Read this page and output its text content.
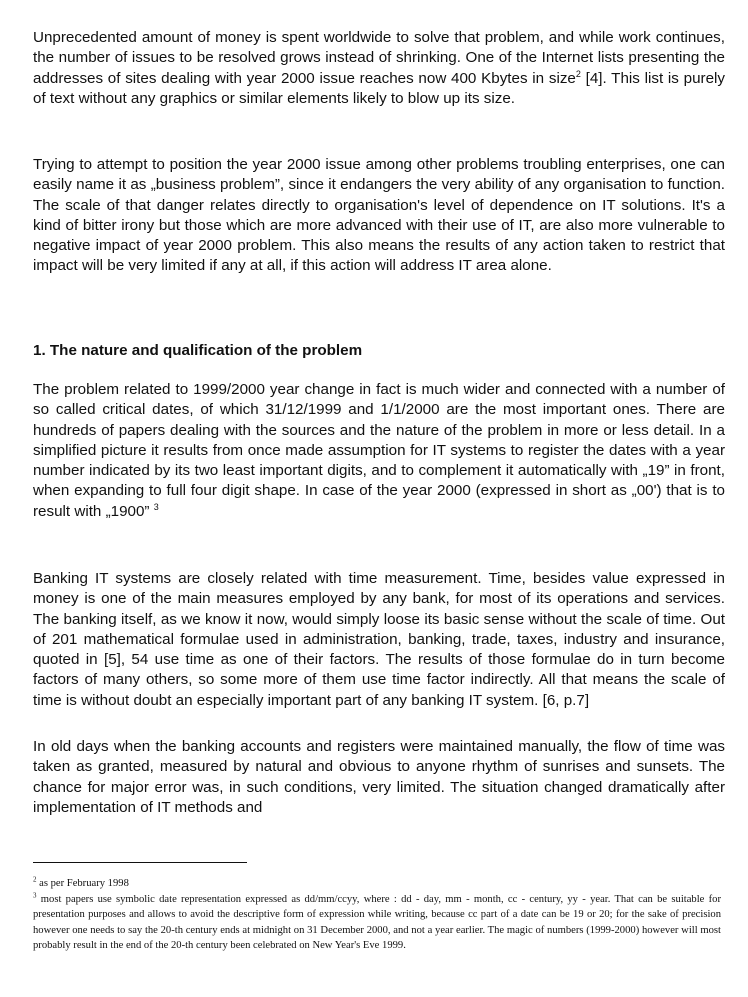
Unprecedented amount of money is spent worldwide to solve that problem, and while work continues, the number of issues to be resolved grows instead of shrinking. One of the Internet lists presenting the addresses of sites dealing with year 2000 issue reaches now 400 Kbytes in size$^2$ [4]. This list is purely of text without any graphics or similar elements likely to blow up its size.

Trying to attempt to position the year 2000 issue among other problems troubling enterprises, one can easily name it as „business problem”, since it endangers the very ability of any organisation to function. The scale of that danger relates directly to organisation's level of dependence on IT solutions. It's a kind of bitter irony but those which are more advanced with their use of IT, are also more vulnerable to negative impact of year 2000 problem. This also means the results of any action taken to restrict that impact will be very limited if any at all, if this action will address IT area alone.

1. The nature and qualification of the problem

The problem related to 1999/2000 year change in fact is much wider and connected with a number of so called critical dates, of which 31/12/1999 and 1/1/2000 are the most important ones. There are hundreds of papers dealing with the sources and the nature of the problem in more or less detail. In a simplified picture it results from once made assumption for IT systems to register the dates with a year number indicated by its two least important digits, and to complement it automatically with „19” in front, when expanding to full four digit shape. In case of the year 2000 (expressed in short as „00') that is to result with „1900” $^3$

Banking IT systems are closely related with time measurement. Time, besides value expressed in money is one of the main measures employed by any bank, for most of its operations and services. The banking itself, as we know it now, would simply loose its basic sense without the scale of time. Out of 201 mathematical formulae used in administration, banking, trade, taxes, industry and insurance, quoted in [5], 54 use time as one of their factors. The results of those formulae do in turn become factors of many others, so some more of them use time factor indirectly. All that means the scale of time is without doubt an especially important part of any banking IT system. [6, p.7]

In old days when the banking accounts and registers were maintained manually, the flow of time was taken as granted, measured by natural and obvious to anyone rhythm of sunrises and sunsets. The chance for major error was, in such conditions, very limited. The situation changed dramatically after implementation of IT methods and

$^2$ as per February 1998

$^3$ most papers use symbolic date representation expressed as dd/mm/ccyy, where : dd - day, mm - month, cc - century, yy - year. That can be suitable for presentation purposes and allows to avoid the descriptive form of expression while writing, because cc part of a date can be 19 or 20; for the sake of precision however one needs to say the 20-th century ends at midnight on 31 December 2000, and not a year earlier. The magic of numbers (1999-2000) however will most probably result in the end of the 20-th century been celebrated on New Year's Eve 1999.
